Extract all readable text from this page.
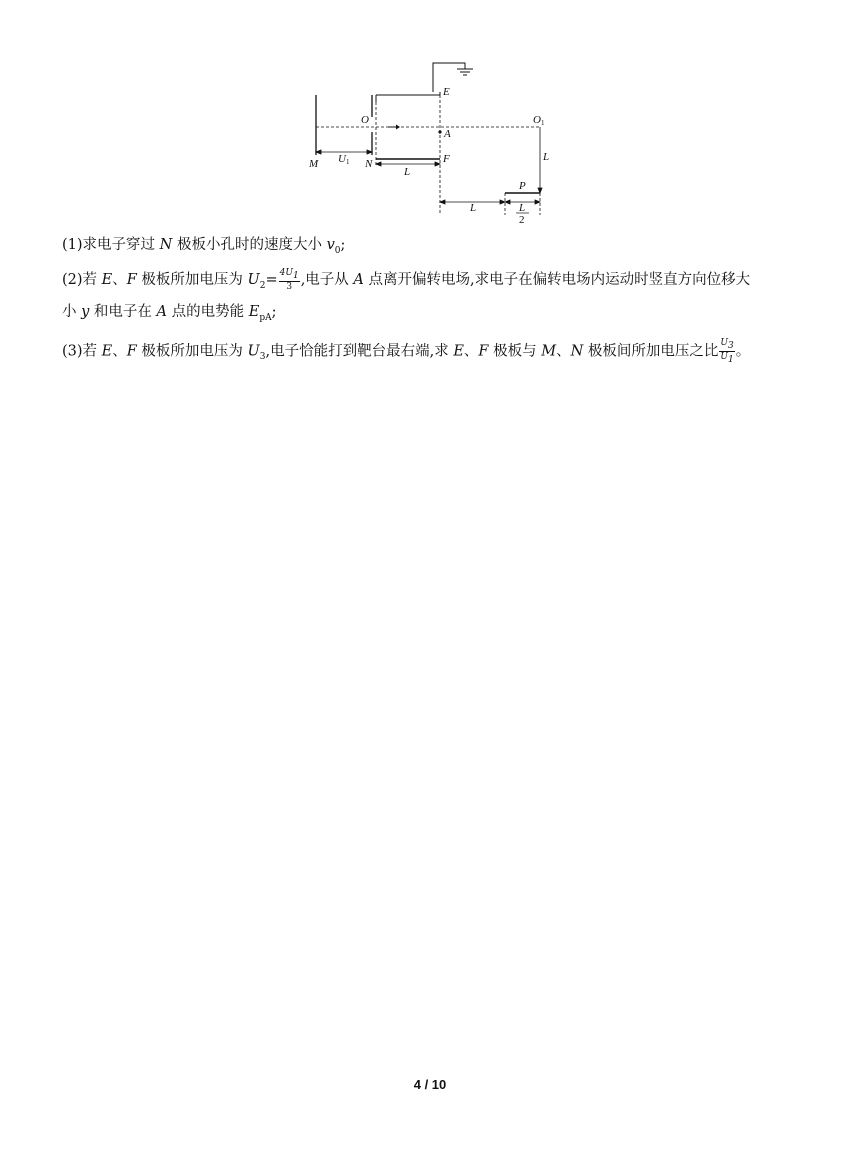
E
O
A
O 1
M U 1 N	F
L
L
L
P
L
2
(1)求电子穿过 N 极板小孔时的速度大小 $v_0$;
(2)若 E、F 极板所加电压为 $U_2= \frac{4U_1}{3}$ ,电子从 A 点离开偏转电场,求电子在偏转电场内运动时竖直方向位移大
小 y 和电子在 A 点的电势能 $E_{pA}$;
(3)若 E、F 极板所加电压为 $U_3$,电子恰能打到靶台最右端,求 E、F 极板与 M、N 极板间所加电压之比 $\frac{U_3}{U_1}$ 。
4 / 10
